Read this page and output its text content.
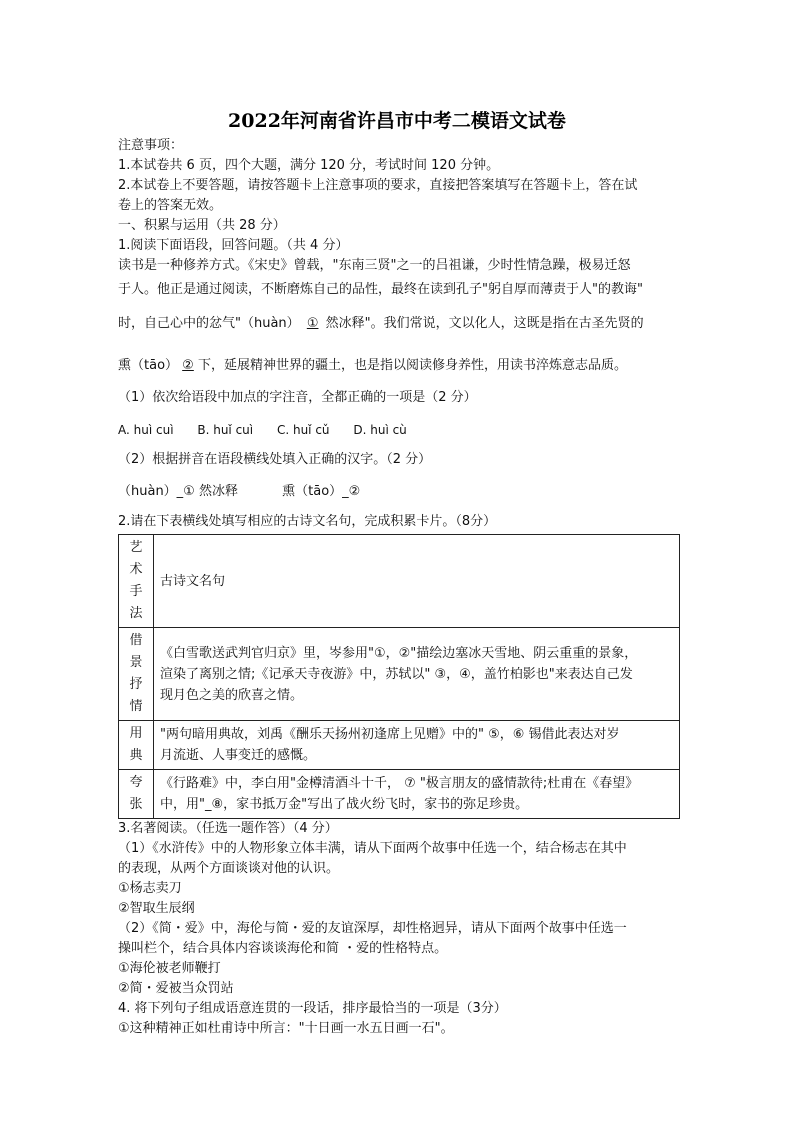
2022年河南省许昌市中考二模语文试卷
注意事项：
1.本试卷共 6 页，四个大题，满分 120 分，考试时间 120 分钟。
2.本试卷上不要答题，请按答题卡上注意事项的要求，直接把答案填写在答题卡上，答在试
卷上的答案无效。
一、积累与运用（共 28 分）
1.阅读下面语段，回答问题。（共 4 分）
读书是一种修养方式。《宋史》曾载，"东南三贤"之一的吕祖谦，少时性情急躁，极易迁怒
于人。他正是通过阅读，不断磨炼自己的品性，最终在读到孔子"躬自厚而薄责于人"的教诲"
时，自己心中的忿气"（huàn） ① 然冰释"。我们常说，文以化人，这既是指在古圣先贤的
熏（tāo） ② 下，延展精神世界的疆土，也是指以阅读修身养性，用读书淬炼意志品质。
（1）依次给语段中加点的字注音，全都正确的一项是（2 分）
A. huì cuì B. huǐ cuì C. huǐ cǔ D. huì cù
（2）根据拼音在语段横线处填入正确的汉字。（2 分）
（huàn）_① 然冰释	熏（tāo）_②
2.请在下表横线处填写相应的古诗文名句，完成积累卡片。（8分）
艺
术
手
法	古诗文名句

借
景
抒
情	《白雪歌送武判官归京》里，岑参用"①，②"描绘边塞冰天雪地、阴云重重的景象，
渲染了离别之情;《记承天寺夜游》中，苏轼以" ③，④，盖竹柏影也"来表达自己发
现月色之美的欣喜之情。

用
典	"两句暗用典故，刘禹《酬乐天扬州初逢席上见赠》中的" ⑤，⑥ 锡借此表达对岁
月流逝、人事变迁的感慨。

夸
张	《行路难》中，李白用"金樽清酒斗十千， ⑦ "极言朋友的盛情款待;杜甫在《春望》
中，用"_⑧，家书抵万金"写出了战火纷飞时，家书的弥足珍贵。
3.名著阅读。（任选一题作答）（4 分）
（1）《水浒传》中的人物形象立体丰满，请从下面两个故事中任选一个，结合杨志在其中
的表现，从两个方面谈谈对他的认识。
①杨志卖刀
②智取生辰纲
（2）《简・爱》中，海伦与简・爱的友谊深厚，却性格迥异，请从下面两个故事中任选一
操叫栏个，结合具体内容谈谈海伦和简 ・爱的性格特点。
①海伦被老师鞭打
②简・爱被当众罚站
4. 将下列句子组成语意连贯的一段话，排序最恰当的一项是（3分）
①这种精神正如杜甫诗中所言："十日画一水五日画一石"。
